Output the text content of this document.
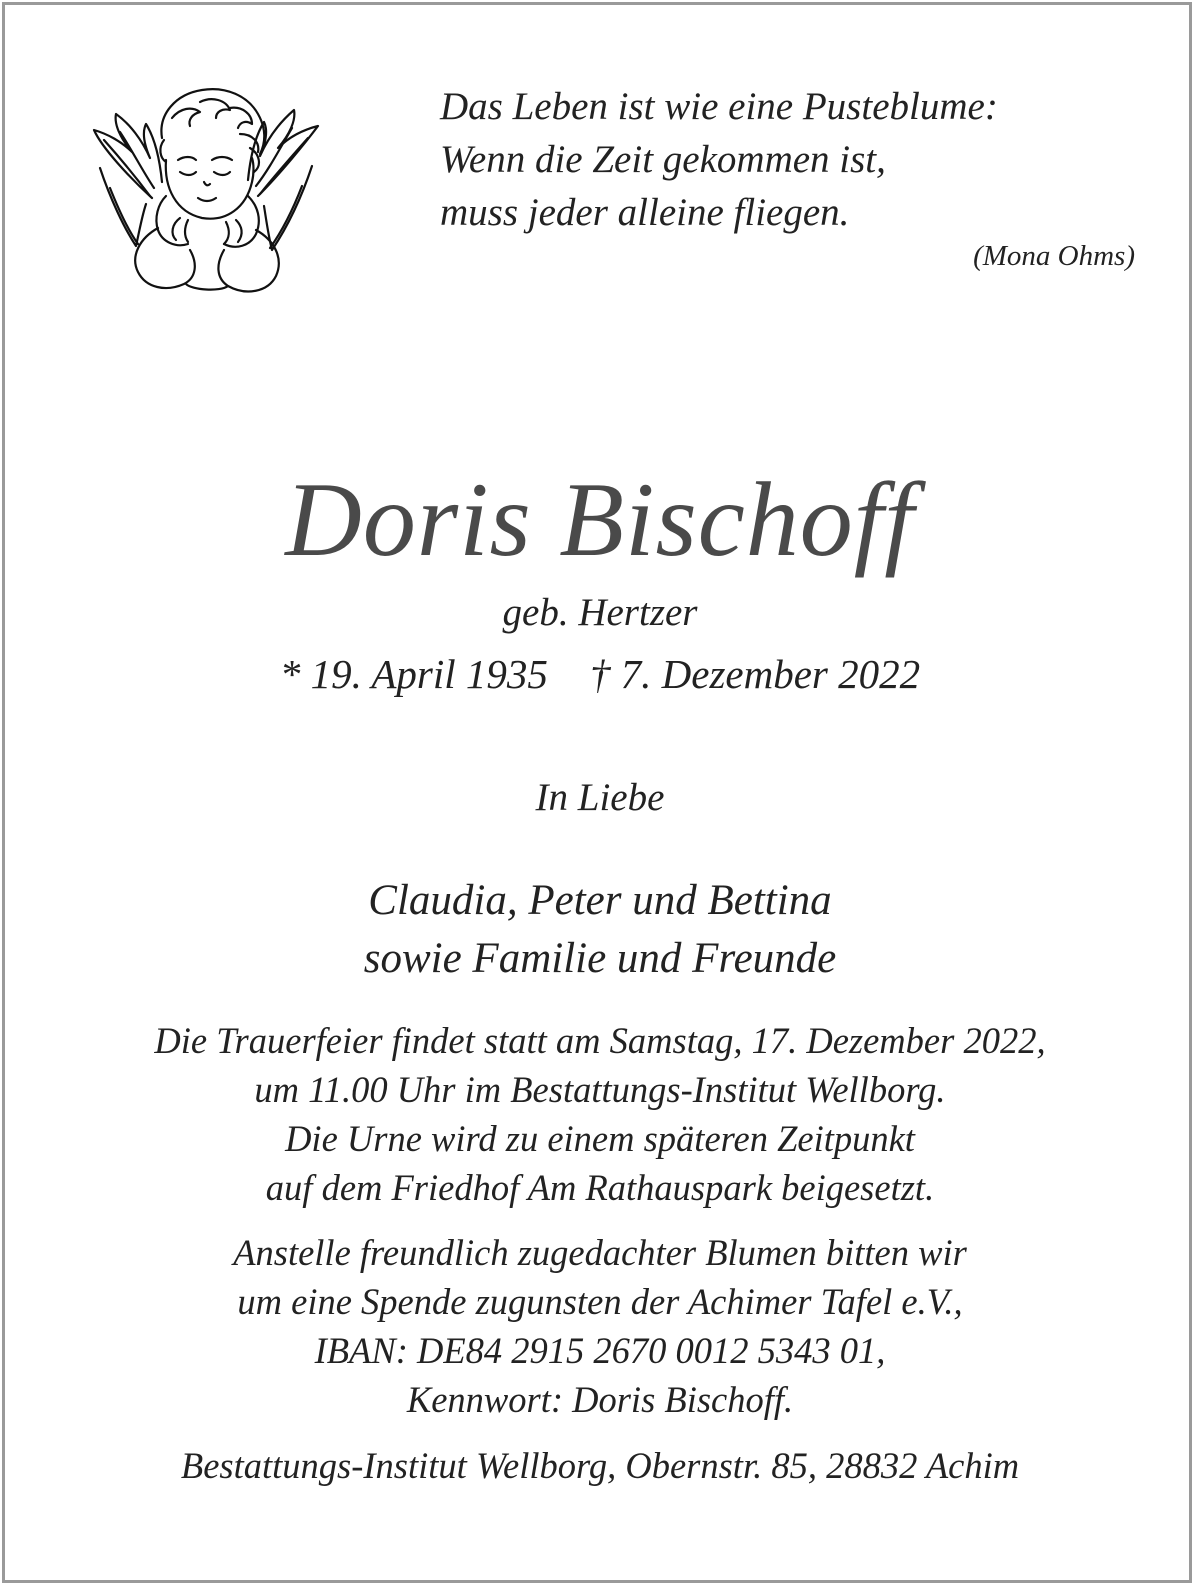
Das Leben ist wie eine Pusteblume:
Wenn die Zeit gekommen ist,
muss jeder alleine fliegen.
(Mona Ohms)
Doris Bischoff
geb. Hertzer
* 19. April 1935 † 7. Dezember 2022
In Liebe
Claudia, Peter und Bettina
sowie Familie und Freunde
Die Trauerfeier findet statt am Samstag, 17. Dezember 2022,
um 11.00 Uhr im Bestattungs-Institut Wellborg.
Die Urne wird zu einem späteren Zeitpunkt
auf dem Friedhof Am Rathauspark beigesetzt.
Anstelle freundlich zugedachter Blumen bitten wir
um eine Spende zugunsten der Achimer Tafel e.V.,
IBAN: DE84 2915 2670 0012 5343 01,
Kennwort: Doris Bischoff.
Bestattungs-Institut Wellborg, Obernstr. 85, 28832 Achim
